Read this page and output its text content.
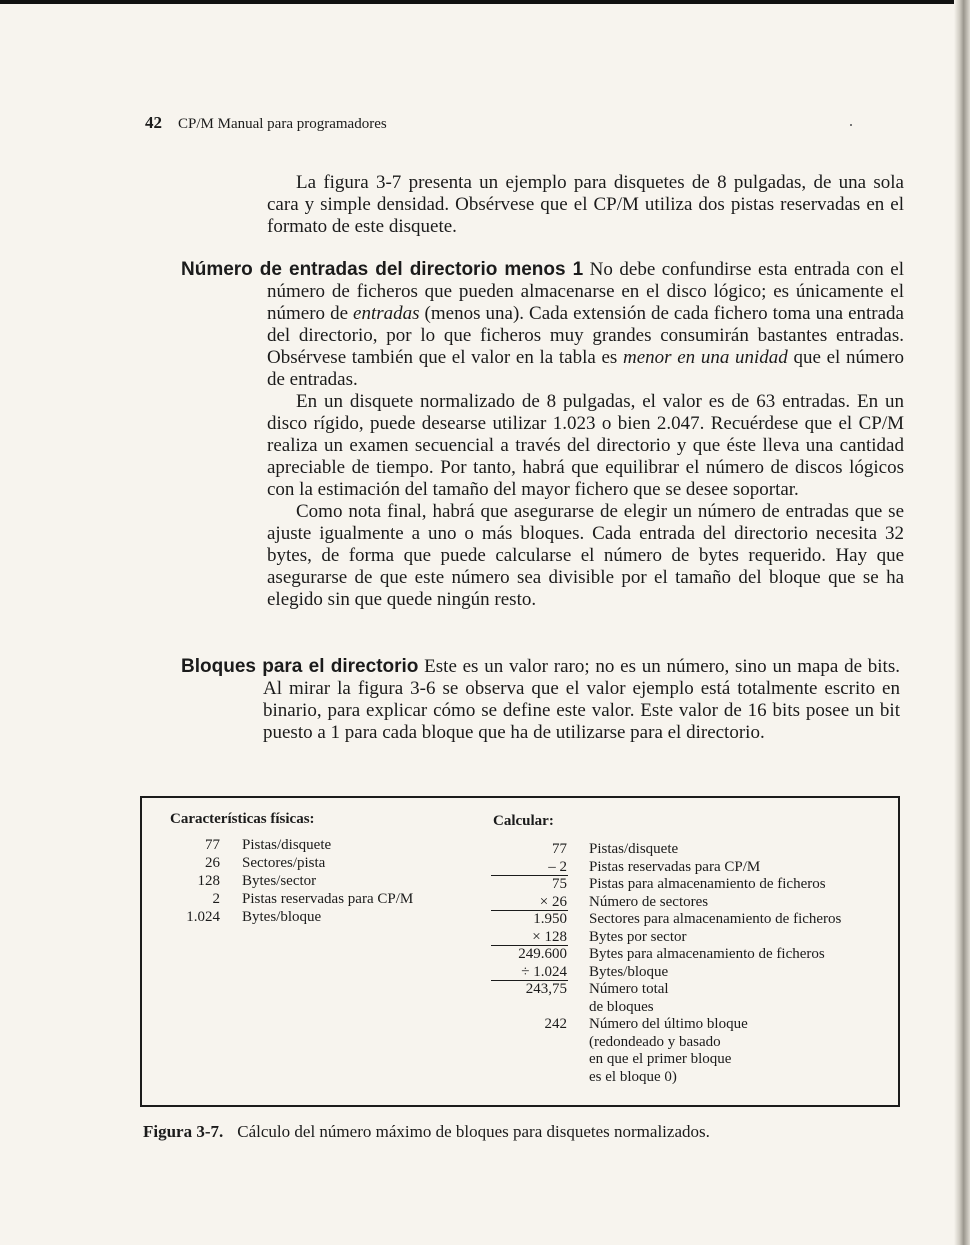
42 CP/M Manual para programadores
La figura 3-7 presenta un ejemplo para disquetes de 8 pulgadas, de una sola cara y simple densidad. Obsérvese que el CP/M utiliza dos pistas reservadas en el formato de este disquete.

Número de entradas del directorio menos 1 No debe confundirse esta entrada con el número de ficheros que pueden almacenarse en el disco lógico; es únicamente el número de entradas (menos una). Cada extensión de cada fichero toma una entrada del directorio, por lo que ficheros muy grandes consumirán bastantes entradas. Obsérvese también que el valor en la tabla es menor en una unidad que el número de entradas.

En un disquete normalizado de 8 pulgadas, el valor es de 63 entradas. En un disco rígido, puede desearse utilizar 1.023 o bien 2.047. Recuérdese que el CP/M realiza un examen secuencial a través del directorio y que éste lleva una cantidad apreciable de tiempo. Por tanto, habrá que equilibrar el número de discos lógicos con la estimación del tamaño del mayor fichero que se desee soportar.

Como nota final, habrá que asegurarse de elegir un número de entradas que se ajuste igualmente a uno o más bloques. Cada entrada del directorio necesita 32 bytes, de forma que puede calcularse el número de bytes requerido. Hay que asegurarse de que este número sea divisible por el tamaño del bloque que se ha elegido sin que quede ningún resto.

Bloques para el directorio Este es un valor raro; no es un número, sino un mapa de bits. Al mirar la figura 3-6 se observa que el valor ejemplo está totalmente escrito en binario, para explicar cómo se define este valor. Este valor de 16 bits posee un bit puesto a 1 para cada bloque que ha de utilizarse para el directorio.

Características físicas:	Calcular:
77 Pistas/disquete
26 Sectores/pista
128 Bytes/sector
2 Pistas reservadas para CP/M
1.024 Bytes/bloque
77 Pistas/disquete
– 2 Pistas reservadas para CP/M
75 Pistas para almacenamiento de ficheros
× 26 Número de sectores
1.950 Sectores para almacenamiento de ficheros
× 128 Bytes por sector
249.600 Bytes para almacenamiento de ficheros
÷ 1.024 Bytes/bloque
243,75 Número total
de bloques
242 Número del último bloque
(redondeado y basado
en que el primer bloque
es el bloque 0)
Figura 3-7. Cálculo del número máximo de bloques para disquetes normalizados.
